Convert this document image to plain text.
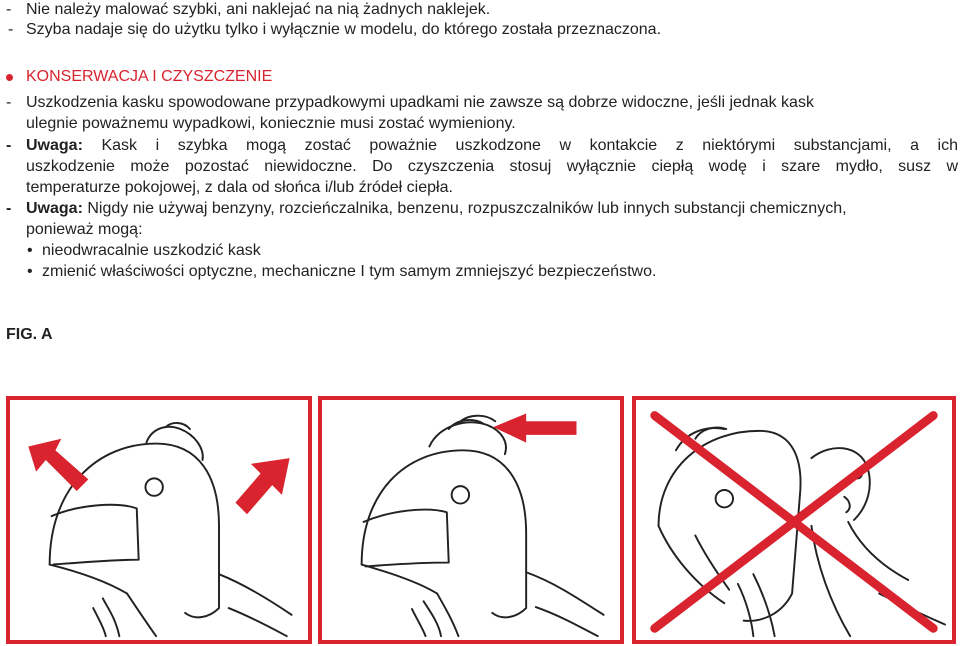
- Nie należy malować szybki, ani naklejać na nią żadnych naklejek.
- Szyba nadaje się do użytku tylko i wyłącznie w modelu, do którego została przeznaczona.
KONSERWACJA I CZYSZCZENIE
- Uszkodzenia kasku spowodowane przypadkowymi upadkami nie zawsze są dobrze widoczne, jeśli jednak kask
ulegnie poważnemu wypadkowi, koniecznie musi zostać wymieniony.
- Uwaga: Kask i szybka mogą zostać poważnie uszkodzone w kontakcie z niektórymi substancjami, a ich
uszkodzenie może pozostać niewidoczne. Do czyszczenia stosuj wyłącznie ciepłą wodę i szare mydło, susz w
temperaturze pokojowej, z dala od słońca i/lub źródeł ciepła.
- Uwaga: Nigdy nie używaj benzyny, rozcieńczalnika, benzenu, rozpuszczalników lub innych substancji chemicznych,
ponieważ mogą:
• nieodwracalnie uszkodzić kask
• zmienić właściwości optyczne, mechaniczne I tym samym zmniejszyć bezpieczeństwo.
FIG. A
